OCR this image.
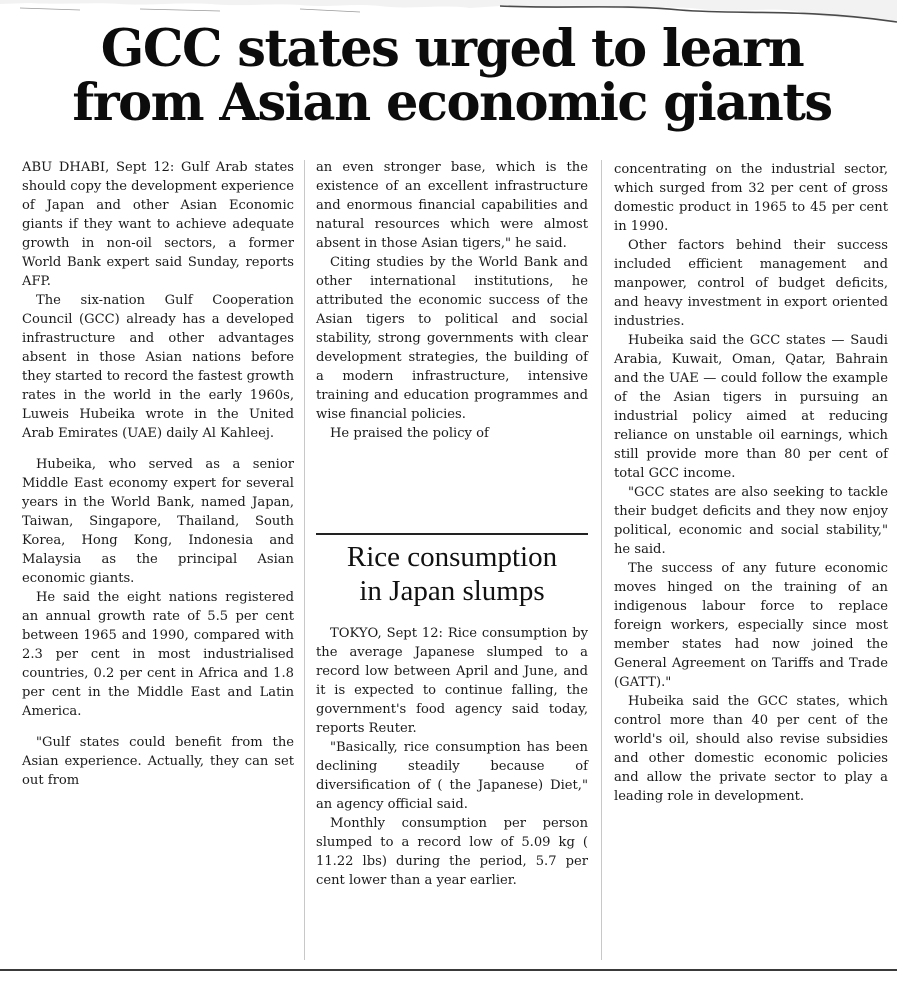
GCC states urged to learn
from Asian economic giants

ABU DHABI, Sept 12: Gulf Arab states should copy the development experience of Japan and other Asian Economic giants if they want to achieve adequate growth in non-oil sectors, a former World Bank expert said Sunday, reports AFP.

The six-nation Gulf Cooperation Council (GCC) already has a developed infrastructure and other advantages absent in those Asian nations before they started to record the fastest growth rates in the world in the early 1960s, Luweis Hubeika wrote in the United Arab Emirates (UAE) daily Al Kahleej.

Hubeika, who served as a senior Middle East economy expert for several years in the World Bank, named Japan, Taiwan, Singapore, Thailand, South Korea, Hong Kong, Indonesia and Malaysia as the principal Asian economic giants.

He said the eight nations registered an annual growth rate of 5.5 per cent between 1965 and 1990, compared with 2.3 per cent in most industrialised countries, 0.2 per cent in Africa and 1.8 per cent in the Middle East and Latin America.

"Gulf states could benefit from the Asian experience. Actually, they can set out from

an even stronger base, which is the existence of an excellent infrastructure and enormous financial capabilities and natural resources which were almost absent in those Asian tigers," he said.

Citing studies by the World Bank and other international institutions, he attributed the economic success of the Asian tigers to political and social stability, strong governments with clear development strategies, the building of a modern infrastructure, intensive training and education programmes and wise financial policies.

He praised the policy of

Rice consumption
in Japan slumps

TOKYO, Sept 12: Rice consumption by the average Japanese slumped to a record low between April and June, and it is expected to continue falling, the government's food agency said today, reports Reuter.

"Basically, rice consumption has been declining steadily because of diversification of ( the Japanese) Diet," an agency official said.

Monthly consumption per person slumped to a record low of 5.09 kg ( 11.22 lbs) during the period, 5.7 per cent lower than a year earlier.

concentrating on the industrial sector, which surged from 32 per cent of gross domestic product in 1965 to 45 per cent in 1990.

Other factors behind their success included efficient management and manpower, control of budget deficits, and heavy investment in export oriented industries.

Hubeika said the GCC states — Saudi Arabia, Kuwait, Oman, Qatar, Bahrain and the UAE — could follow the example of the Asian tigers in pursuing an industrial policy aimed at reducing reliance on unstable oil earnings, which still provide more than 80 per cent of total GCC income.

"GCC states are also seeking to tackle their budget deficits and they now enjoy political, economic and social stability," he said.

The success of any future economic moves hinged on the training of an indigenous labour force to replace foreign workers, especially since most member states had now joined the General Agreement on Tariffs and Trade (GATT)."

Hubeika said the GCC states, which control more than 40 per cent of the world's oil, should also revise subsidies and other domestic economic policies and allow the private sector to play a leading role in development.
